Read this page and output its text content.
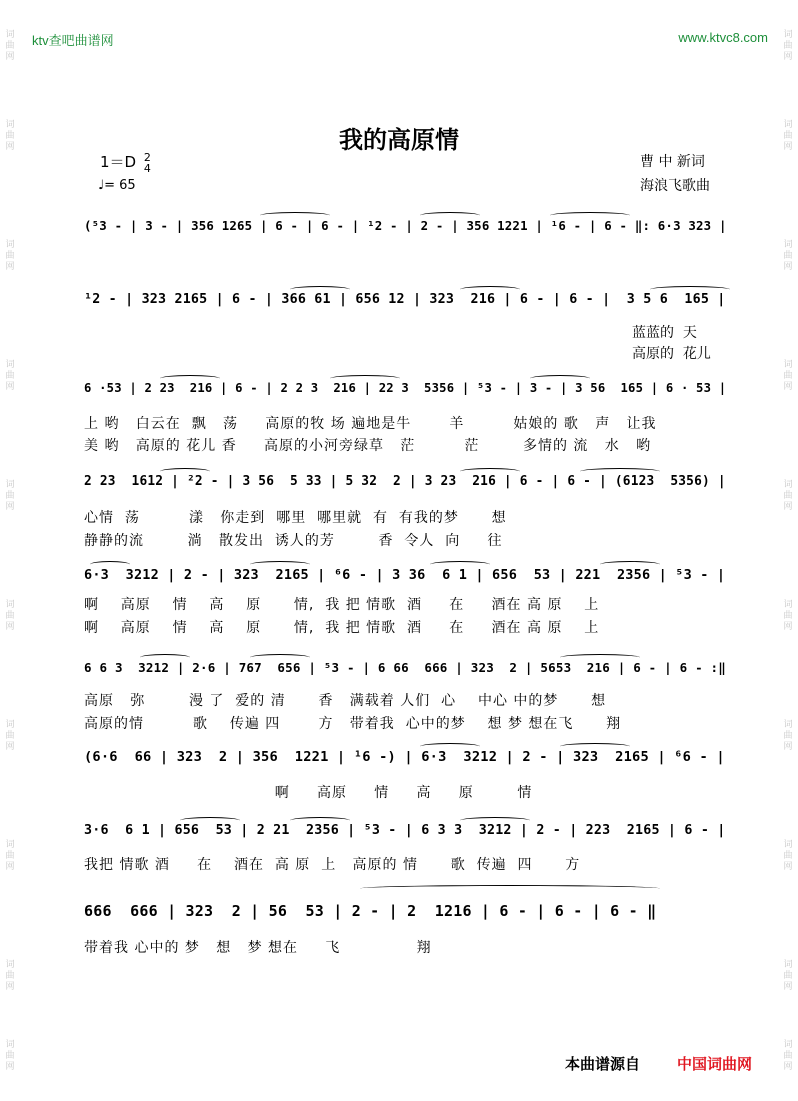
ktv查吧曲谱网	www.ktvc8.com
词
曲
网
词
曲
网
词
曲
网
词
曲
网
词
曲
网
词
曲
网
词
曲
网
词
曲
网
词
曲
网
词
曲
网
词
曲
网
词
曲
网
词
曲
网
词
曲
网
词
曲
网
词
曲
网
词
曲
网
词
曲
网
词
曲
网
词
曲
网
我的高原情
1＝D 2
4
♩= 65
曹 中 新词
海浪飞歌曲
(⁵3 - | 3 - | 356 1265 | 6 - | 6 - | ¹2 - | 2 - | 356 1221 | ¹6 - | 6 - ‖: 6·3 323 |
¹2 - | 323 2165 | 6 - | 366 61 | 656 12 | 323  216 | 6 - | 6 - |  3 5 6  165 |
蓝蓝的  天
高原的  花儿
6 ·53 | 2 23  216 | 6 - | 2 2 3  216 | 22 3  5356 | ⁵3 - | 3 - | 3 56  165 | 6 · 53 |
上 哟   白云在  飘   荡     高原的牧 场 遍地是牛       羊         姑娘的 歌   声   让我
美 哟   高原的 花儿 香     高原的小河旁绿草   茫         茫        多情的 流   水   哟
2 23  1612 | ²2 - | 3 56  5 33 | 5 32  2 | 3 23  216 | 6 - | 6 - | (6123  5356) |
心情  荡         漾   你走到  哪里  哪里就  有  有我的梦      想
静静的流        淌   散发出  诱人的芳        香  令人  向     往
6·3  3212 | 2 - | 323  2165 | ⁶6 - | 3 36  6 1 | 656  53 | 221  2356 | ⁵3 - |
啊    高原    情    高    原      情,  我 把 情歌  酒     在     酒在 高 原    上
啊    高原    情    高    原      情,  我 把 情歌  酒     在     酒在 高 原    上
6 6 3  3212 | 2·6 | 767  656 | ⁵3 - | 6 66  666 | 323  2 | 5653  216 | 6 - | 6 - :‖
高原   弥        漫 了  爱的 清      香   满载着 人们  心    中心 中的梦      想
高原的情         歌    传遍 四       方   带着我  心中的梦    想 梦 想在飞      翔
(6·6  66 | 323  2 | 356  1221 | ¹6 -) | 6·3  3212 | 2 - | 323  2165 | ⁶6 - |
啊     高原     情     高     原        情
3·6  6 1 | 656  53 | 2 21  2356 | ⁵3 - | 6 3 3  3212 | 2 - | 223  2165 | 6 - |
我把 情歌 酒     在    酒在  高 原  上   高原的 情      歌  传遍  四      方
666  666 | 323  2 | 56  53 | 2 - | 2  1216 | 6 - | 6 - | 6 - ‖
带着我 心中的 梦   想   梦 想在     飞              翔
本曲谱源自 中国词曲网
